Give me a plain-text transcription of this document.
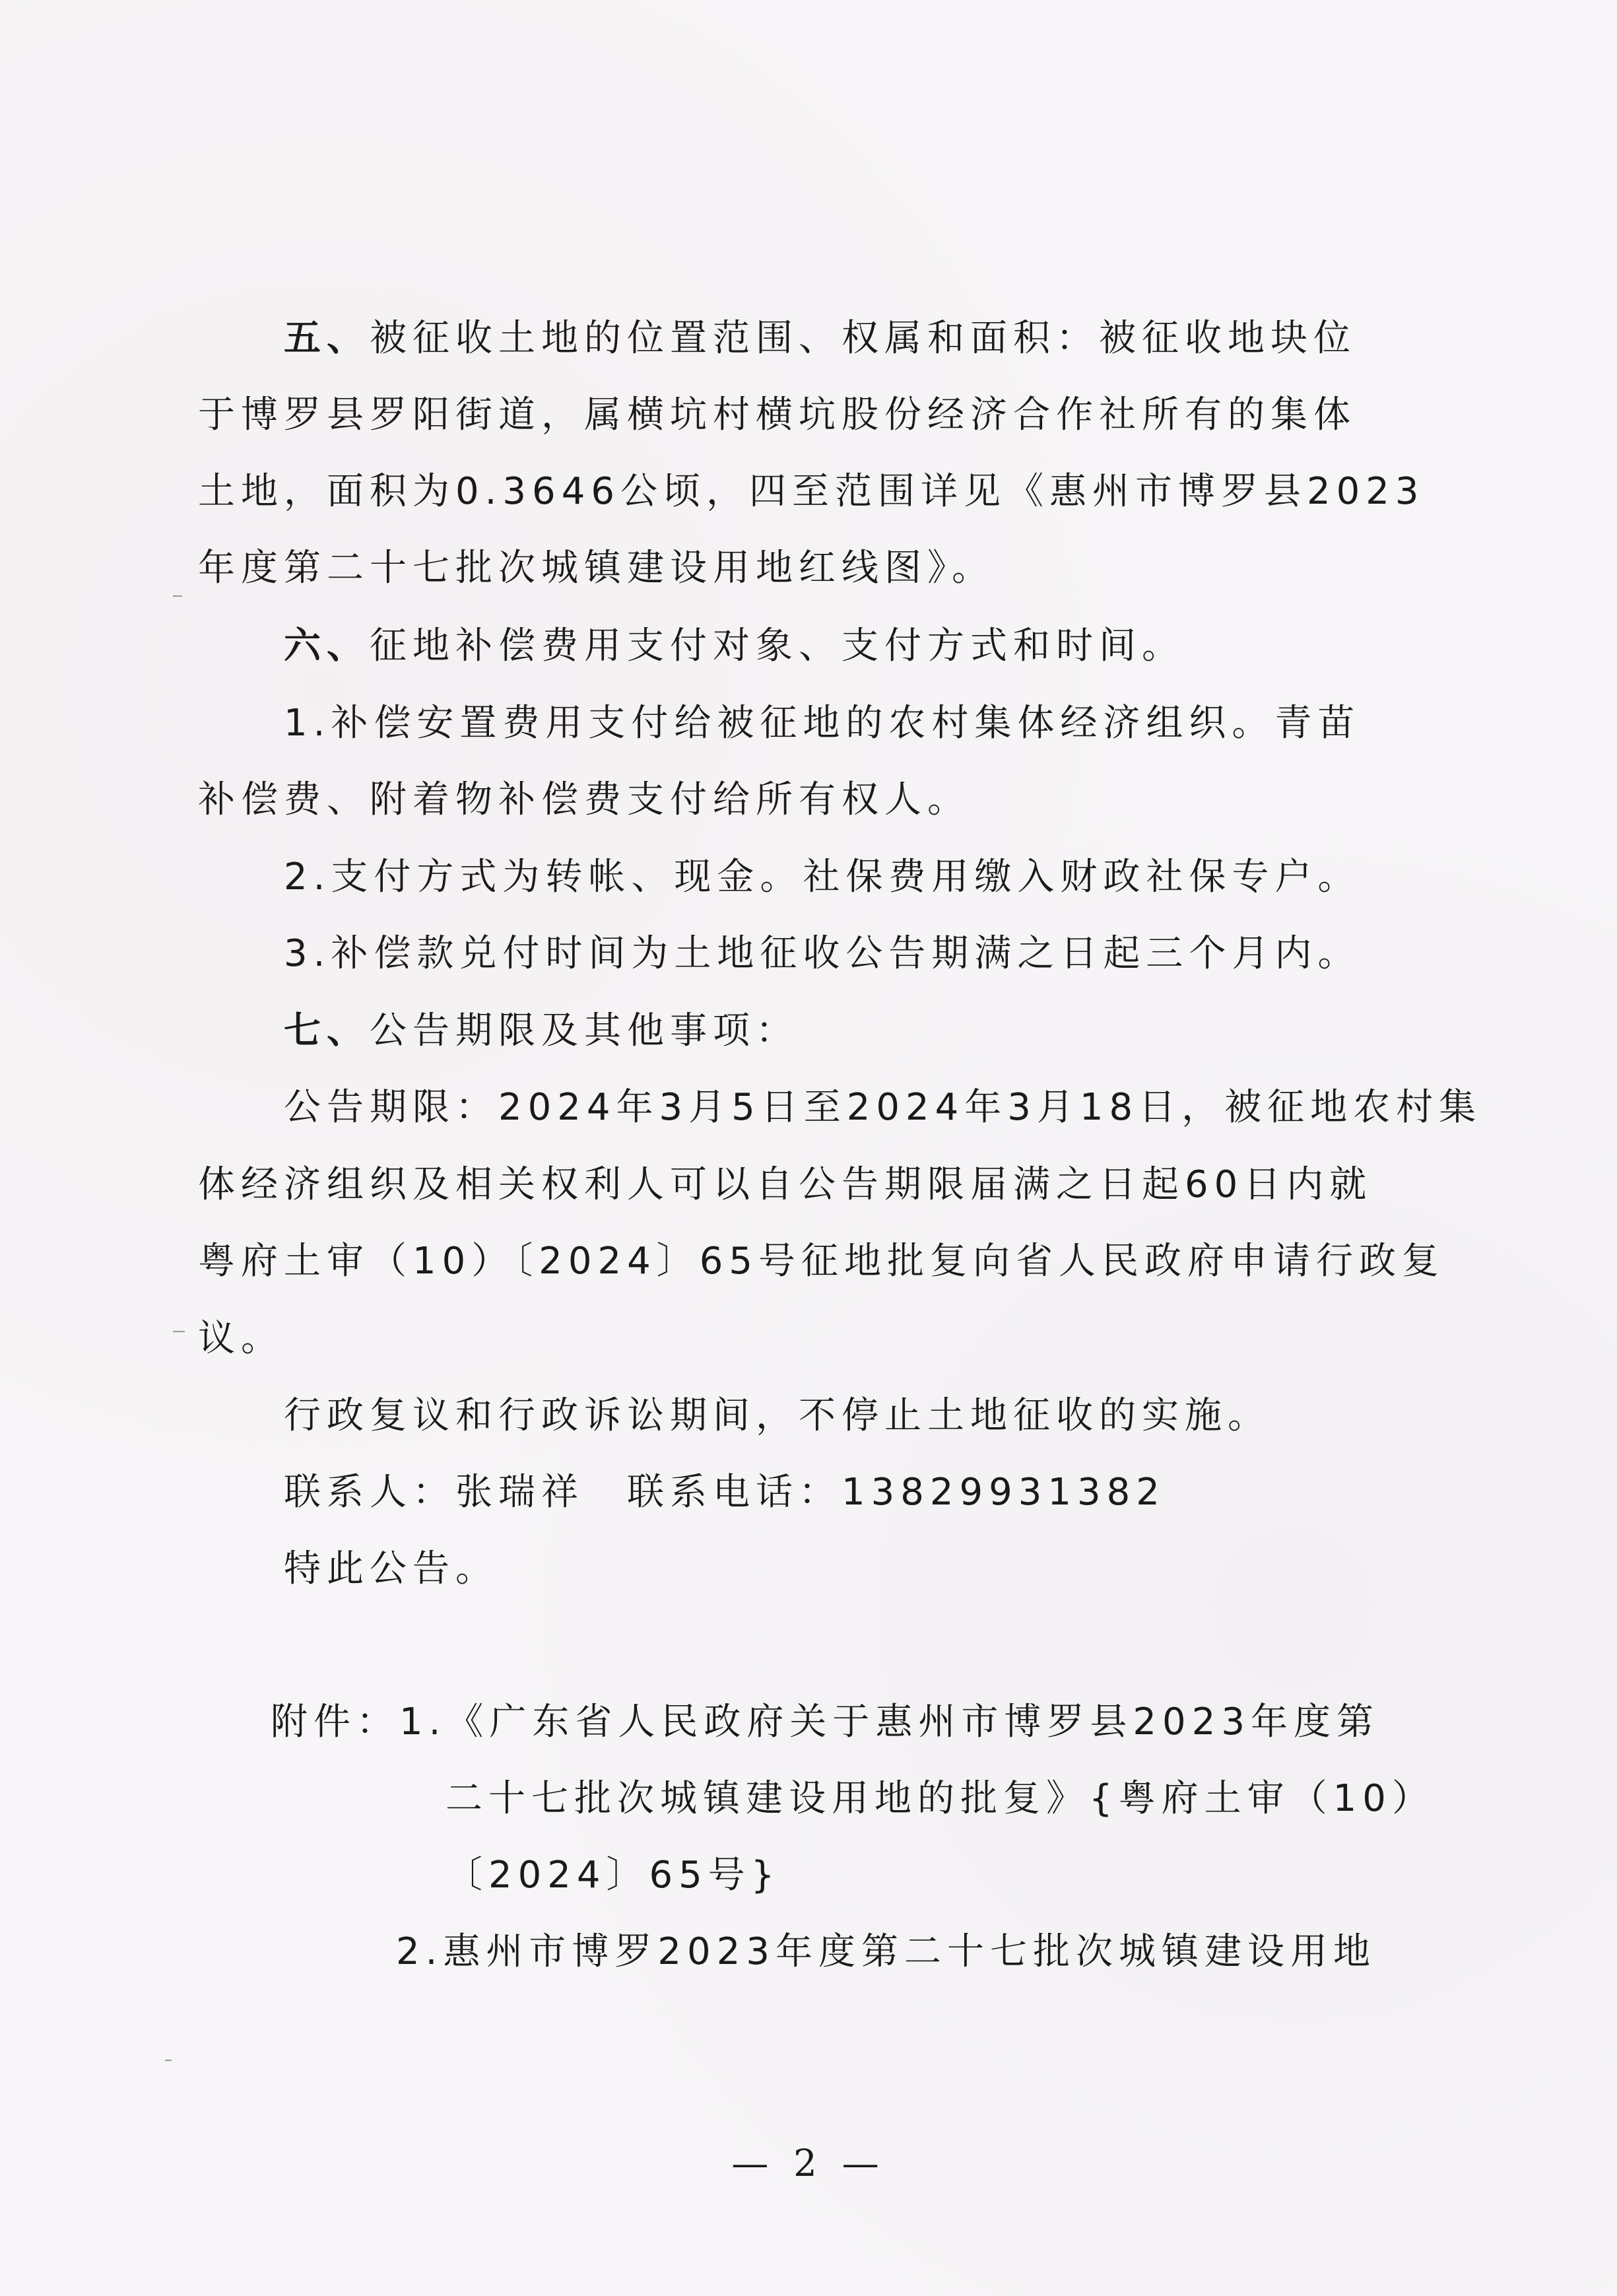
五、被征收土地的位置范围、权属和面积：被征收地块位
于博罗县罗阳街道，属横坑村横坑股份经济合作社所有的集体
土地，面积为0.3646公顷，四至范围详见《惠州市博罗县2023
年度第二十七批次城镇建设用地红线图》。
六、征地补偿费用支付对象、支付方式和时间。
1.补偿安置费用支付给被征地的农村集体经济组织。青苗
补偿费、附着物补偿费支付给所有权人。
2.支付方式为转帐、现金。社保费用缴入财政社保专户。
3.补偿款兑付时间为土地征收公告期满之日起三个月内。
七、公告期限及其他事项：
公告期限：2024年3月5日至2024年3月18日，被征地农村集
体经济组织及相关权利人可以自公告期限届满之日起60日内就
粤府土审（10）〔2024〕65号征地批复向省人民政府申请行政复
议。
行政复议和行政诉讼期间，不停止土地征收的实施。
联系人：张瑞祥　联系电话：13829931382
特此公告。
附件：1.《广东省人民政府关于惠州市博罗县2023年度第
二十七批次城镇建设用地的批复》{粤府土审（10）
〔2024〕65号}
2.惠州市博罗2023年度第二十七批次城镇建设用地
— 2 —
